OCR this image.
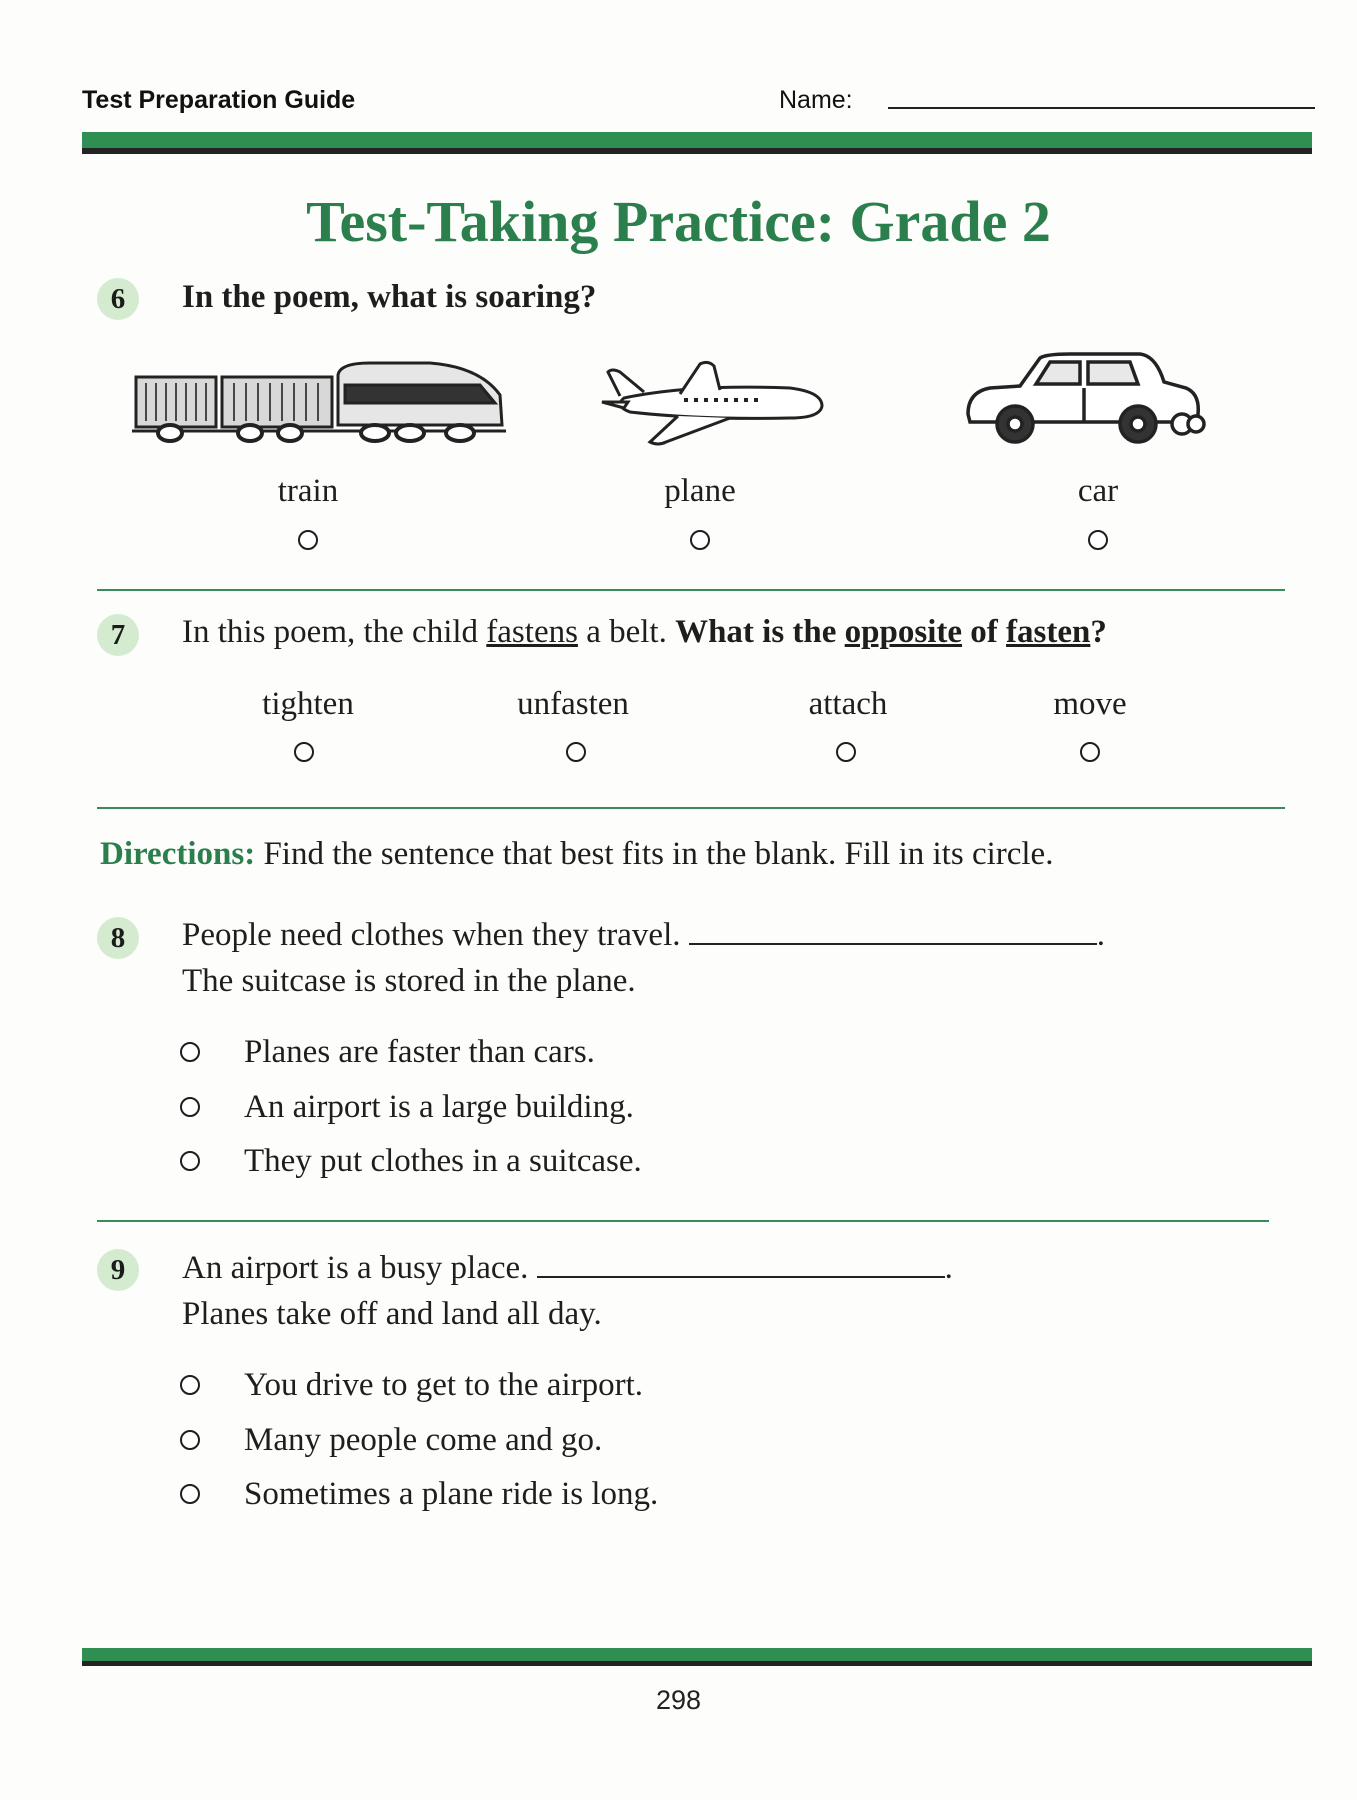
Test Preparation Guide	Name:
Test-Taking Practice: Grade 2
6	In the poem, what is soaring?
train	plane	car
7	In this poem, the child fastens a belt. What is the opposite of fasten?
tighten	unfasten	attach	move
Directions: Find the sentence that best fits in the blank. Fill in its circle.
8	People need clothes when they travel.	.
The suitcase is stored in the plane.
Planes are faster than cars.
An airport is a large building.
They put clothes in a suitcase.
9	An airport is a busy place.	.
Planes take off and land all day.
You drive to get to the airport.
Many people come and go.
Sometimes a plane ride is long.
298
